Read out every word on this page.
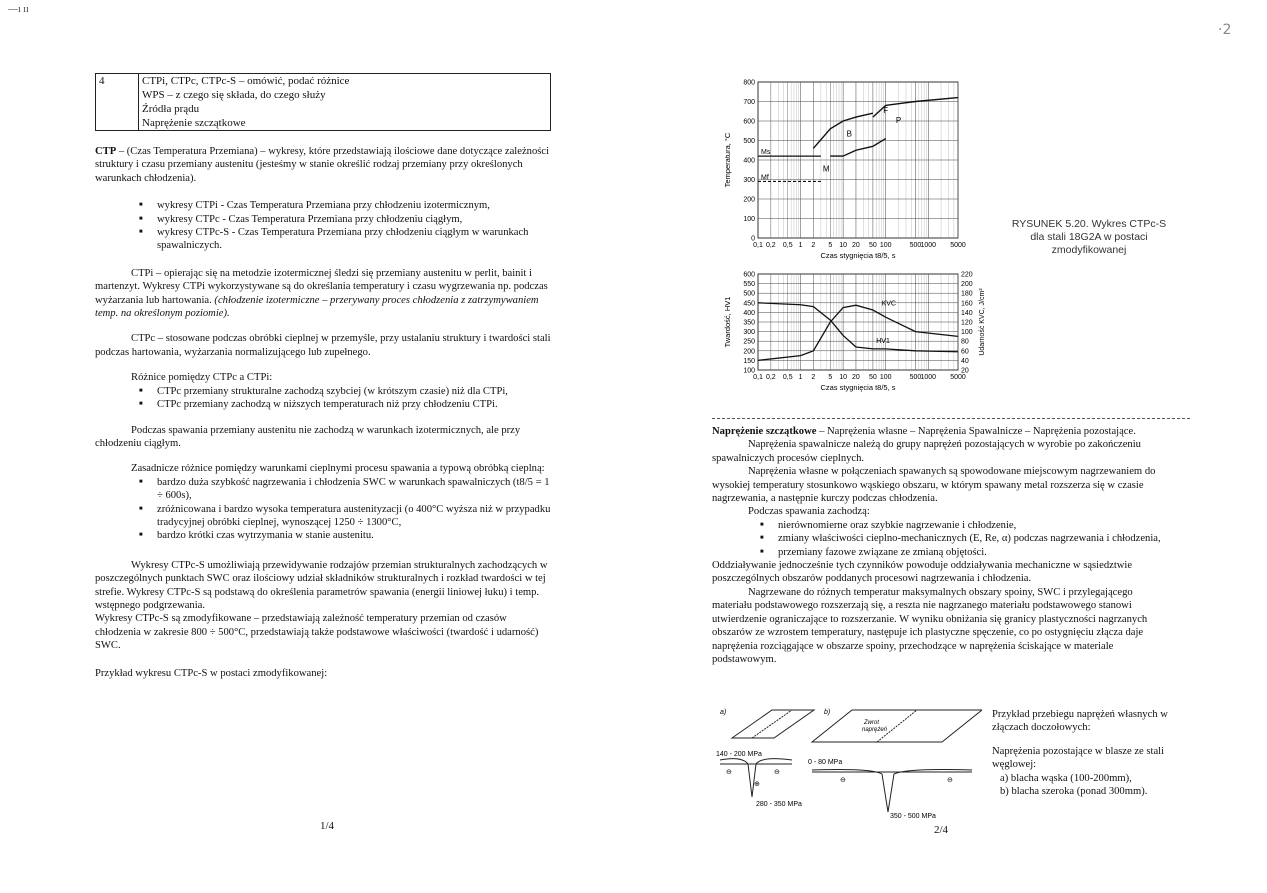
—ı ıı
·2
4	CTPi, CTPc, CTPc-S – omówić, podać różnice
WPS – z czego się składa, do czego służy
Źródła prądu
Naprężenie szczątkowe

CTP – (Czas Temperatura Przemiana) – wykresy, które przedstawiają ilościowe dane dotyczące zależności struktury i czasu przemiany austenitu (jesteśmy w stanie określić rodzaj przemiany przy określonych warunkach chłodzenia).

■ wykresy CTPi - Czas Temperatura Przemiana przy chłodzeniu izotermicznym,
■ wykresy CTPc - Czas Temperatura Przemiana przy chłodzeniu ciągłym,
■ wykresy CTPc-S - Czas Temperatura Przemiana przy chłodzeniu ciągłym w warunkach spawalniczych.

CTPi – opierając się na metodzie izotermicznej śledzi się przemiany austenitu w perlit, bainit i martenzyt. Wykresy CTPi wykorzystywane są do określania temperatury i czasu wygrzewania np. podczas wyżarzania lub hartowania. (chłodzenie izotermiczne – przerywany proces chłodzenia z zatrzymywaniem temp. na określonym poziomie).

CTPc – stosowane podczas obróbki cieplnej w przemyśle, przy ustalaniu struktury i twardości stali podczas hartowania, wyżarzania normalizującego lub zupełnego.

Różnice pomiędzy CTPc a CTPi:

■ CTPc przemiany strukturalne zachodzą szybciej (w krótszym czasie) niż dla CTPi,
■ CTPc przemiany zachodzą w niższych temperaturach niż przy chłodzeniu CTPi.

Podczas spawania przemiany austenitu nie zachodzą w warunkach izotermicznych, ale przy chłodzeniu ciągłym.

Zasadnicze różnice pomiędzy warunkami cieplnymi procesu spawania a typową obróbką cieplną:

■ bardzo duża szybkość nagrzewania i chłodzenia SWC w warunkach spawalniczych (t8/5 = 1 ÷ 600s),
■ zróżnicowana i bardzo wysoka temperatura austenityzacji (o 400°C wyższa niż w przypadku tradycyjnej obróbki cieplnej, wynoszącej 1250 ÷ 1300°C,
■ bardzo krótki czas wytrzymania w stanie austenitu.

Wykresy CTPc-S umożliwiają przewidywanie rodzajów przemian strukturalnych zachodzących w poszczególnych punktach SWC oraz ilościowy udział składników strukturalnych i rozkład twardości w tej strefie. Wykresy CTPc-S są podstawą do określenia parametrów spawania (energii liniowej łuku) i temp. wstępnego podgrzewania.

Wykresy CTPc-S są zmodyfikowane – przedstawiają zależność temperatury przemian od czasów chłodzenia w zakresie 800 ÷ 500°C, przedstawiają także podstawowe właściwości (twardość i udarność) SWC.

Przykład wykresu CTPc-S w postaci zmodyfikowanej:

1/4
0,1 0,2 0,5 1 2 5 10 20 50 100	500 1000 5000
0
100
200
300
400
500
600
700
800
Czas stygnięcia t8/5, s
Temperatura, °C	Ms
Mf
F
P
B
M
0,1 0,2 0,5 1 2 5 10 20 50 100	500 1000 5000
100
150
200
250
300
350
400
450
500
550
600
Czas stygnięcia t8/5, s
Twardość, HV1
20
40
60
80
100
120
140
160
180
200
220
Udarność KVC, J/cm²
HV1
KVC
RYSUNEK 5.20. Wykres CTPc-S dla stali 18G2A w postaci zmodyfikowanej

Naprężenie szczątkowe – Naprężenia własne – Naprężenia Spawalnicze – Naprężenia pozostające.

Naprężenia spawalnicze należą do grupy naprężeń pozostających w wyrobie po zakończeniu spawalniczych procesów cieplnych.

Naprężenia własne w połączeniach spawanych są spowodowane miejscowym nagrzewaniem do wysokiej temperatury stosunkowo wąskiego obszaru, w którym spawany metal rozszerza się w czasie nagrzewania, a następnie kurczy podczas chłodzenia.

Podczas spawania zachodzą:

■ nierównomierne oraz szybkie nagrzewanie i chłodzenie,
■ zmiany właściwości cieplno-mechanicznych (E, Re, α) podczas nagrzewania i chłodzenia,
■ przemiany fazowe związane ze zmianą objętości.

Oddziaływanie jednocześnie tych czynników powoduje oddziaływania mechaniczne w sąsiedztwie poszczególnych obszarów poddanych procesowi nagrzewania i chłodzenia.

Nagrzewane do różnych temperatur maksymalnych obszary spoiny, SWC i przylegającego materiału podstawowego rozszerzają się, a reszta nie nagrzanego materiału podstawowego stanowi utwierdzenie ograniczające to rozszerzanie. W wyniku obniżania się granicy plastyczności nagrzanych obszarów ze wzrostem temperatury, następuje ich plastyczne spęczenie, co po ostygnięciu złącza daje naprężenia rozciągające w obszarze spoiny, przechodzące w naprężenia ściskające w materiale podstawowym.

a)	b)
Zwrot
naprężeń
140 - 200 MPa
⊖	⊖
⊕
280 - 350 MPa
0 - 80 MPa
⊖	⊖
350 - 500 MPa

Przykład przebiegu naprężeń własnych w złączach doczołowych:

Naprężenia pozostające w blasze ze stali węglowej:

a) blacha wąska (100-200mm),
b) blacha szeroka (ponad 300mm).
2/4
